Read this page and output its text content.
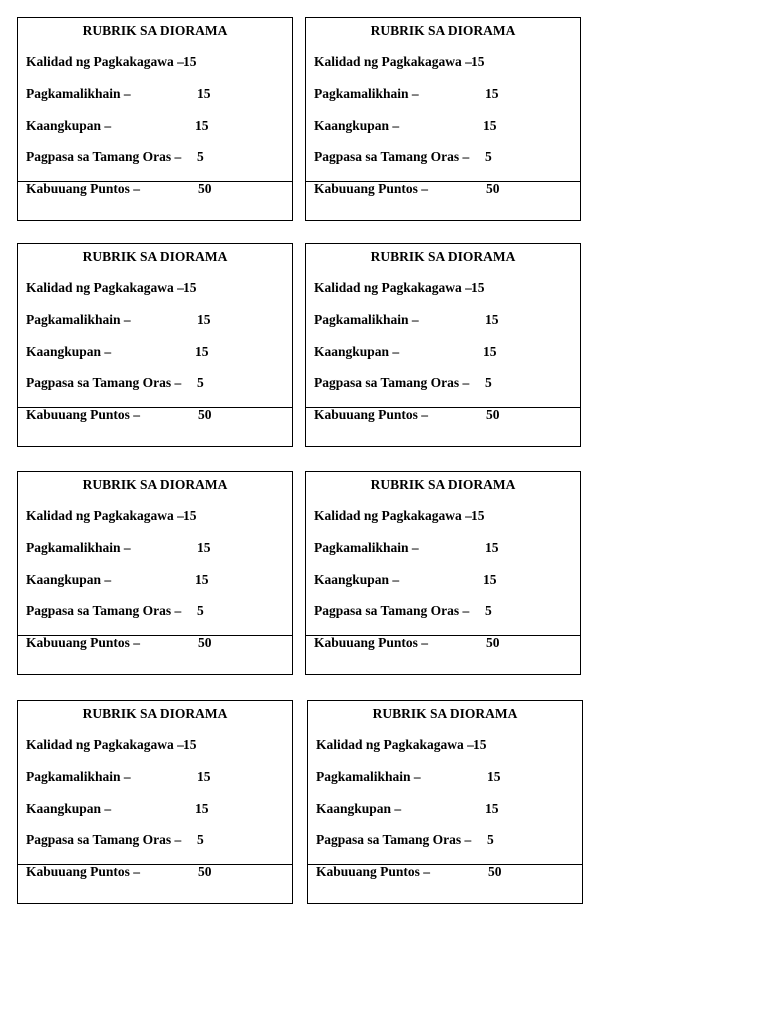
RUBRIK SA DIORAMA
Kalidad ng Pagkakagawa – 15
Pagkamalikhain –	15
Kaangkupan –	15
Pagpasa sa Tamang Oras – 5
Kabuuang Puntos –	50
RUBRIK SA DIORAMA
Kalidad ng Pagkakagawa – 15
Pagkamalikhain –	15
Kaangkupan –	15
Pagpasa sa Tamang Oras – 5
Kabuuang Puntos –	50
RUBRIK SA DIORAMA
Kalidad ng Pagkakagawa – 15
Pagkamalikhain –	15
Kaangkupan –	15
Pagpasa sa Tamang Oras – 5
Kabuuang Puntos –	50
RUBRIK SA DIORAMA
Kalidad ng Pagkakagawa – 15
Pagkamalikhain –	15
Kaangkupan –	15
Pagpasa sa Tamang Oras – 5
Kabuuang Puntos –	50
RUBRIK SA DIORAMA
Kalidad ng Pagkakagawa – 15
Pagkamalikhain –	15
Kaangkupan –	15
Pagpasa sa Tamang Oras – 5
Kabuuang Puntos –	50
RUBRIK SA DIORAMA
Kalidad ng Pagkakagawa – 15
Pagkamalikhain –	15
Kaangkupan –	15
Pagpasa sa Tamang Oras – 5
Kabuuang Puntos –	50
RUBRIK SA DIORAMA
Kalidad ng Pagkakagawa – 15
Pagkamalikhain –	15
Kaangkupan –	15
Pagpasa sa Tamang Oras – 5
Kabuuang Puntos –	50
RUBRIK SA DIORAMA
Kalidad ng Pagkakagawa – 15
Pagkamalikhain –	15
Kaangkupan –	15
Pagpasa sa Tamang Oras – 5
Kabuuang Puntos –	50
